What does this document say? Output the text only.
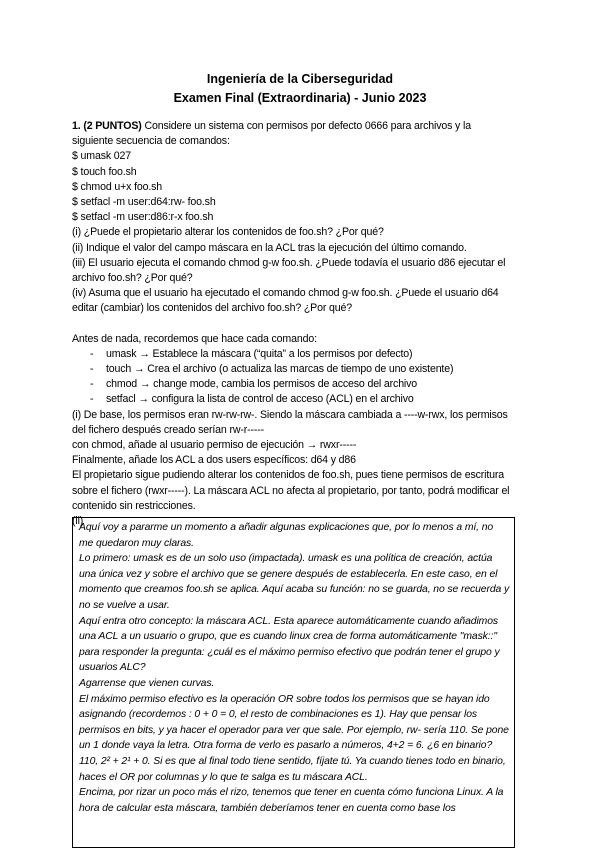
Ingeniería de la Ciberseguridad
Examen Final (Extraordinaria) - Junio 2023

1. (2 PUNTOS) Considere un sistema con permisos por defecto 0666 para archivos y la siguiente secuencia de comandos:

$ umask 027

$ touch foo.sh

$ chmod u+x foo.sh

$ setfacl -m user:d64:rw- foo.sh

$ setfacl -m user:d86:r-x foo.sh

(i) ¿Puede el propietario alterar los contenidos de foo.sh? ¿Por qué?

(ii) Indique el valor del campo máscara en la ACL tras la ejecución del último comando.

(iii) El usuario ejecuta el comando chmod g-w foo.sh. ¿Puede todavía el usuario d86 ejecutar el archivo foo.sh? ¿Por qué?

(iv) Asuma que el usuario ha ejecutado el comando chmod g-w foo.sh. ¿Puede el usuario d64 editar (cambiar) los contenidos del archivo foo.sh? ¿Por qué?

Antes de nada, recordemos que hace cada comando:

- umask → Establece la máscara (“quita” a los permisos por defecto)
- touch → Crea el archivo (o actualiza las marcas de tiempo de uno existente)
- chmod → change mode, cambia los permisos de acceso del archivo
- setfacl → configura la lista de control de acceso (ACL) en el archivo

(i) De base, los permisos eran rw-rw-rw-. Siendo la máscara cambiada a ----w-rwx, los permisos del fichero después creado serían rw-r-----

con chmod, añade al usuario permiso de ejecución → rwxr-----

Finalmente, añade los ACL a dos users específicos: d64 y d86

El propietario sigue pudiendo alterar los contenidos de foo.sh, pues tiene permisos de escritura sobre el fichero (rwxr-----). La máscara ACL no afecta al propietario, por tanto, podrá modificar el contenido sin restricciones.

(ii)

Aquí voy a pararme un momento a añadir algunas explicaciones que, por lo menos a mí, no me quedaron muy claras.

Lo primero: umask es de un solo uso (impactada). umask es una política de creación, actúa una única vez y sobre el archivo que se genere después de establecerla. En este caso, en el momento que creamos foo.sh se aplica. Aquí acaba su función: no se guarda, no se recuerda y no se vuelve a usar.

Aquí entra otro concepto: la máscara ACL. Esta aparece automáticamente cuando añadimos una ACL a un usuario o grupo, que es cuando linux crea de forma automáticamente "mask::" para responder la pregunta: ¿cuál es el máximo permiso efectivo que podrán tener el grupo y usuarios ALC?

Agarrense que vienen curvas.

El máximo permiso efectivo es la operación OR sobre todos los permisos que se hayan ido asignando (recordemos : 0 + 0 = 0, el resto de combinaciones es 1). Hay que pensar los permisos en bits, y ya hacer el operador para ver que sale. Por ejemplo, rw- sería 110. Se pone un 1 donde vaya la letra. Otra forma de verlo es pasarlo a números, 4+2 = 6. ¿6 en binario? 110, 2² + 2¹ + 0. Si es que al final todo tiene sentido, fíjate tú. Ya cuando tienes todo en binario, haces el OR por columnas y lo que te salga es tu máscara ACL.

Encima, por rizar un poco más el rizo, tenemos que tener en cuenta cómo funciona Linux. A la hora de calcular esta máscara, también deberíamos tener en cuenta como base los
